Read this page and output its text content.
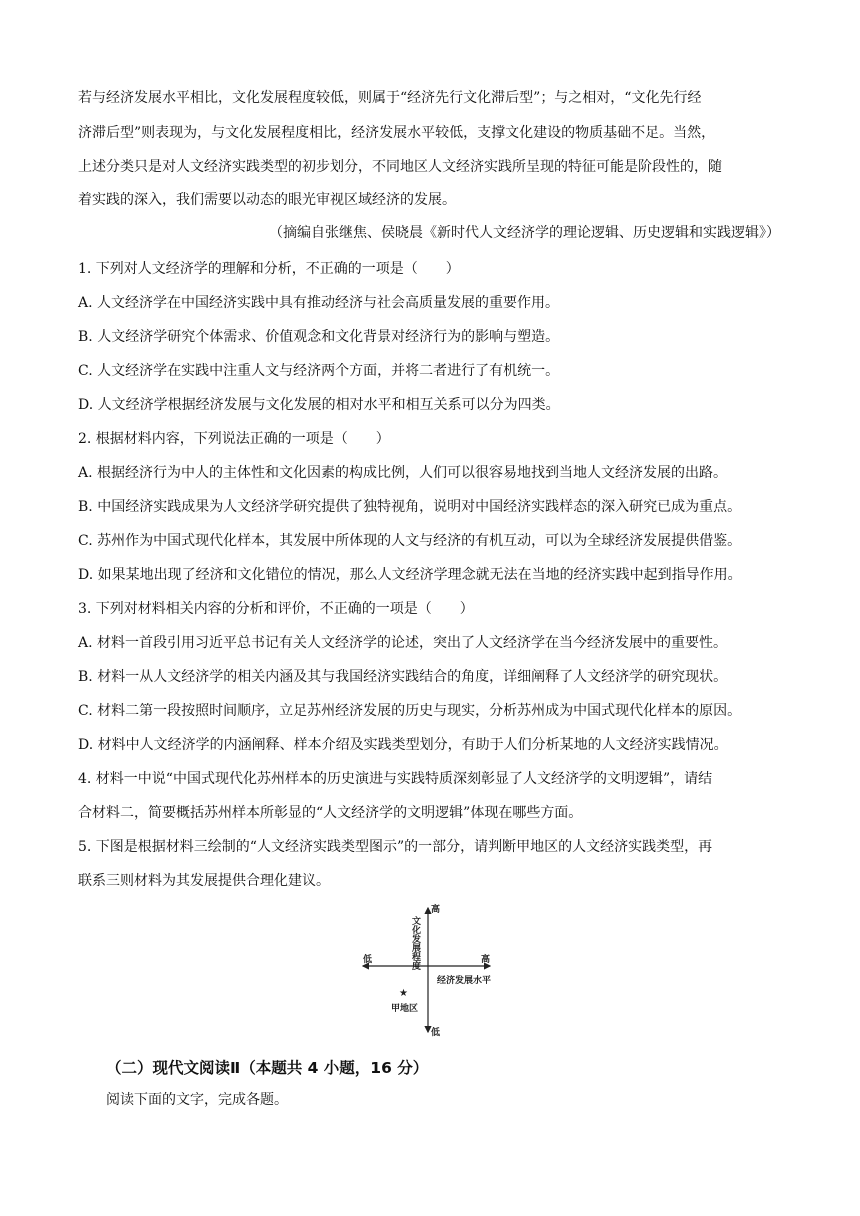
若与经济发展水平相比，文化发展程度较低，则属于“经济先行文化滞后型”；与之相对，“文化先行经
济滞后型”则表现为，与文化发展程度相比，经济发展水平较低，支撑文化建设的物质基础不足。当然，
上述分类只是对人文经济实践类型的初步划分，不同地区人文经济实践所呈现的特征可能是阶段性的，随
着实践的深入，我们需要以动态的眼光审视区域经济的发展。
（摘编自张继焦、侯晓晨《新时代人文经济学的理论逻辑、历史逻辑和实践逻辑》）
1. 下列对人文经济学的理解和分析，不正确的一项是（　　）
A. 人文经济学在中国经济实践中具有推动经济与社会高质量发展的重要作用。
B. 人文经济学研究个体需求、价值观念和文化背景对经济行为的影响与塑造。
C. 人文经济学在实践中注重人文与经济两个方面，并将二者进行了有机统一。
D. 人文经济学根据经济发展与文化发展的相对水平和相互关系可以分为四类。
2. 根据材料内容，下列说法正确的一项是（　　）
A. 根据经济行为中人的主体性和文化因素的构成比例，人们可以很容易地找到当地人文经济发展的出路。
B. 中国经济实践成果为人文经济学研究提供了独特视角，说明对中国经济实践样态的深入研究已成为重点。
C. 苏州作为中国式现代化样本，其发展中所体现的人文与经济的有机互动，可以为全球经济发展提供借鉴。
D. 如果某地出现了经济和文化错位的情况，那么人文经济学理念就无法在当地的经济实践中起到指导作用。
3. 下列对材料相关内容的分析和评价，不正确的一项是（　　）
A. 材料一首段引用习近平总书记有关人文经济学的论述，突出了人文经济学在当今经济发展中的重要性。
B. 材料一从人文经济学的相关内涵及其与我国经济实践结合的角度，详细阐释了人文经济学的研究现状。
C. 材料二第一段按照时间顺序，立足苏州经济发展的历史与现实，分析苏州成为中国式现代化样本的原因。
D. 材料中人文经济学的内涵阐释、样本介绍及实践类型划分，有助于人们分析某地的人文经济实践情况。
4. 材料一中说“中国式现代化苏州样本的历史演进与实践特质深刻彰显了人文经济学的文明逻辑”，请结
合材料二，简要概括苏州样本所彰显的“人文经济学的文明逻辑”体现在哪些方面。
5. 下图是根据材料三绘制的“人文经济实践类型图示”的一部分，请判断甲地区的人文经济实践类型，再
联系三则材料为其发展提供合理化建议。
文化发展程度
高
低
高
低
经济发展水平
★
甲地区
（二）现代文阅读Ⅱ（本题共 4 小题，16 分）
阅读下面的文字，完成各题。
